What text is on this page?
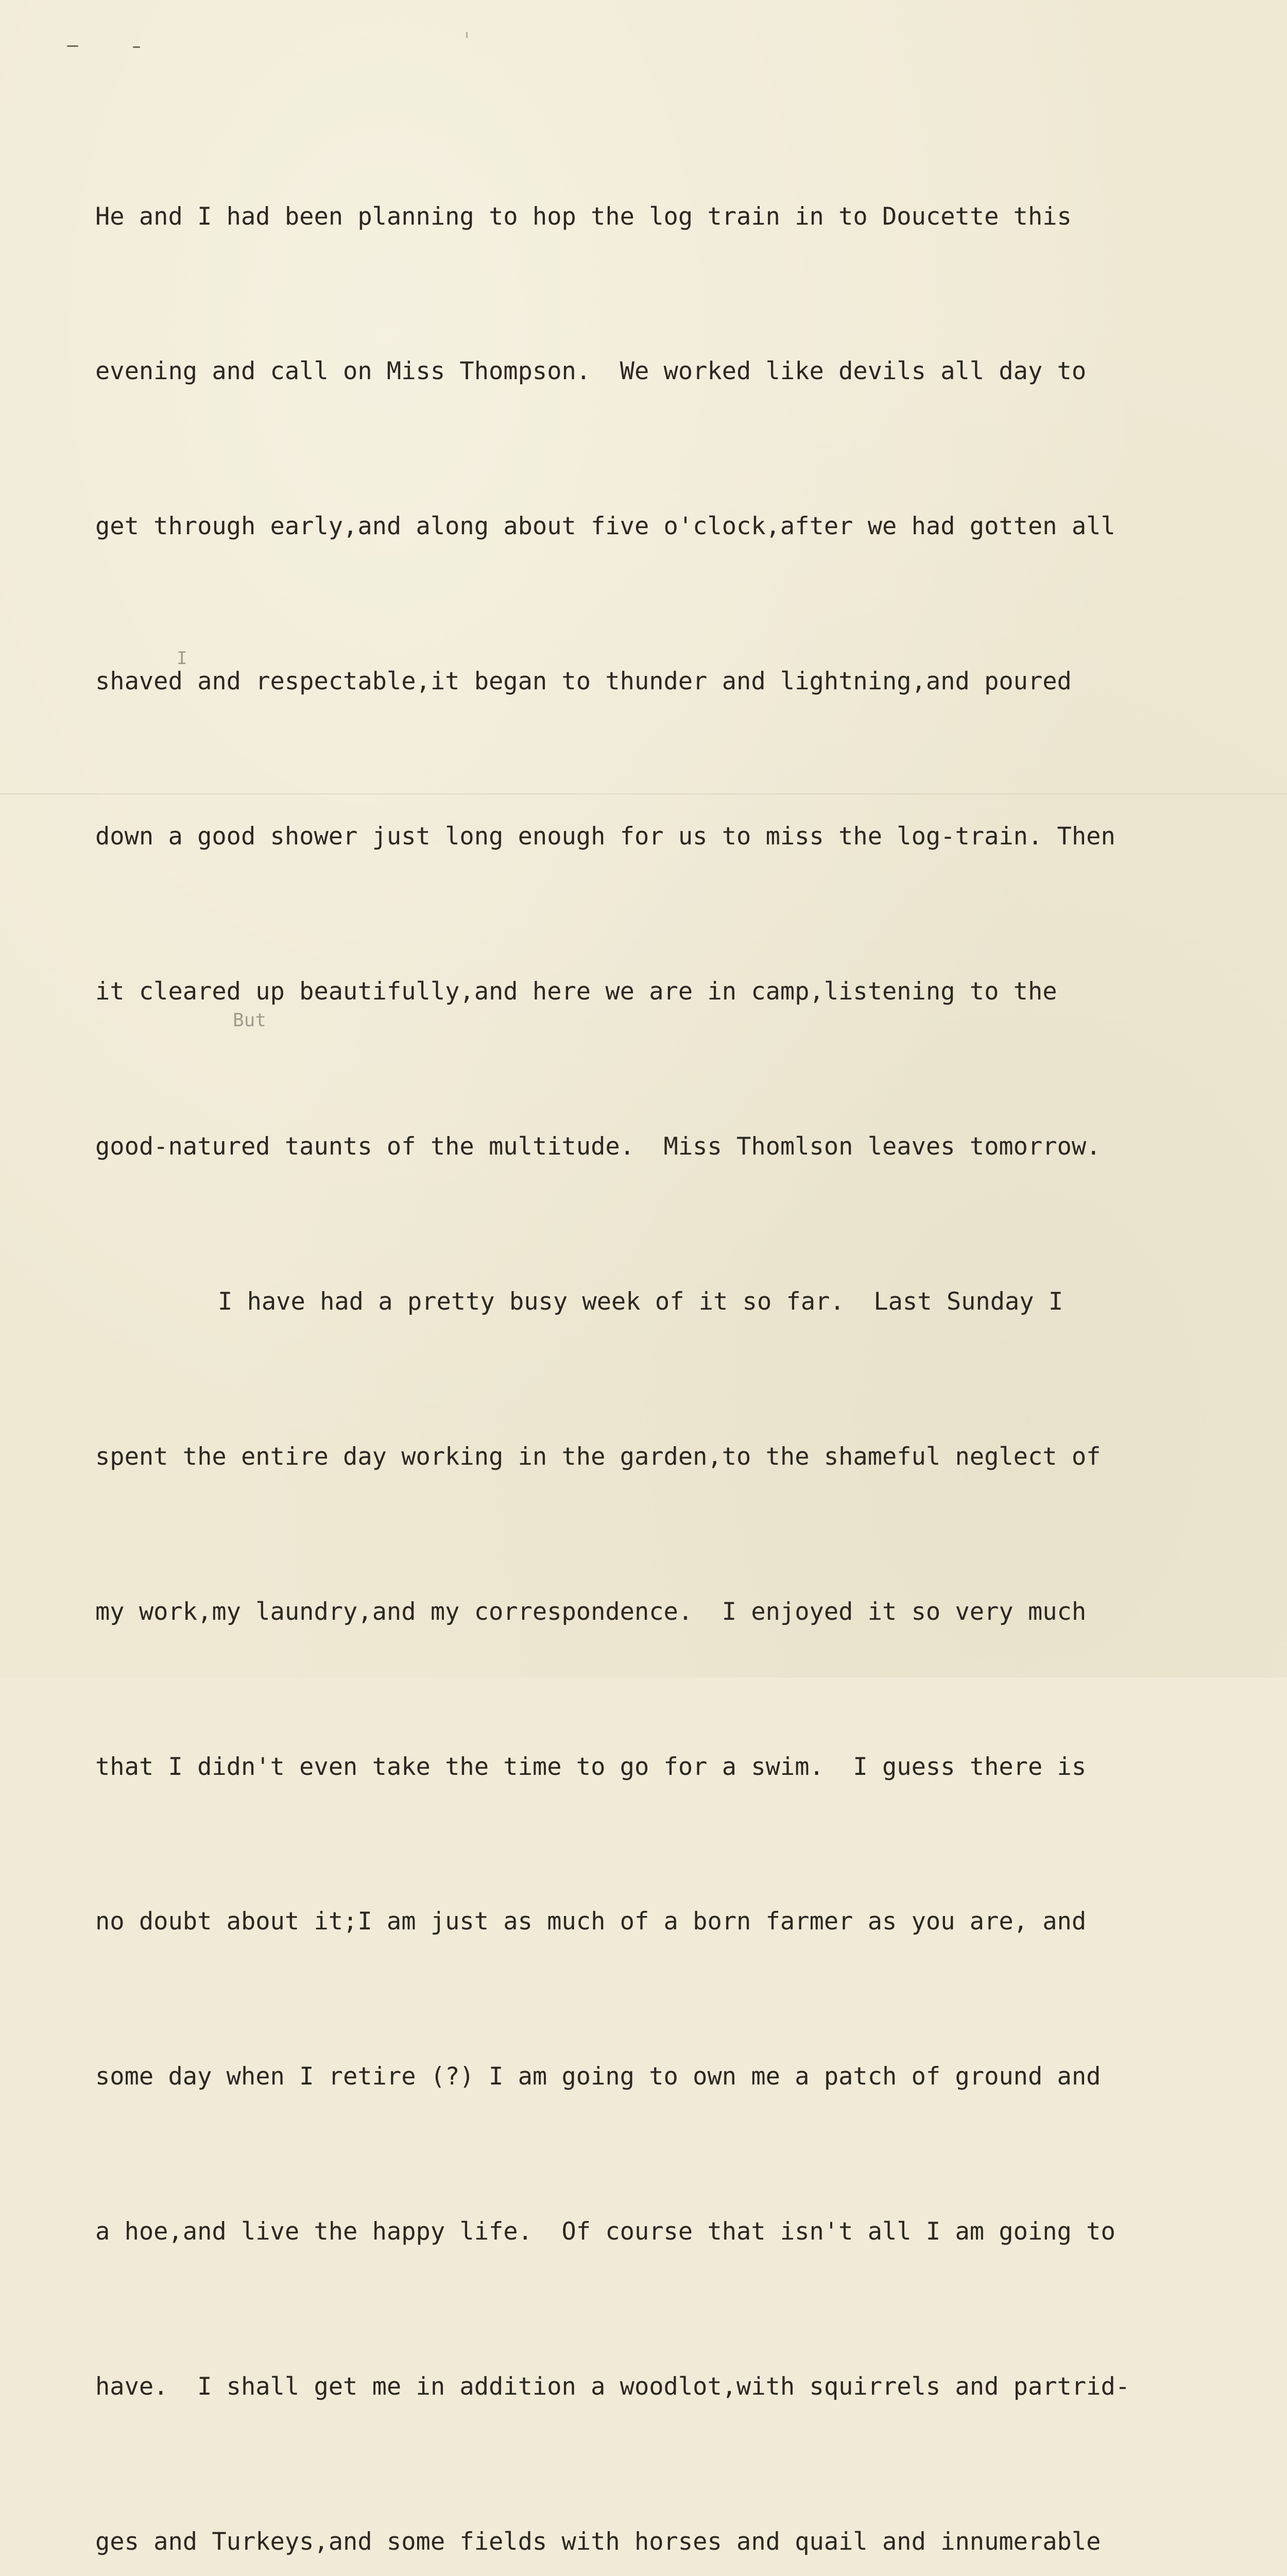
He and I had been planning to hop the log train in to Doucette this

evening and call on Miss Thompson.  We worked like devils all day to

get through early,and along about five o'clock,after we had gotten all

shaved and respectable,it began to thunder and lightning,and poured

down a good shower just long enough for us to miss the log-train. Then

it cleared up beautifully,and here we are in camp,listening to the

good-natured taunts of the multitude.  Miss Thomlson leaves tomorrow.

I have had a pretty busy week of it so far.  Last Sunday I

spent the entire day working in the garden,to the shameful neglect of

my work,my laundry,and my correspondence.  I enjoyed it so very much

that I didn't even take the time to go for a swim.  I guess there is

no doubt about it;I am just as much of a born farmer as you are, and

some day when I retire (?) I am going to own me a patch of ground and

a hoe,and live the happy life.  Of course that isn't all I am going to

have.  I shall get me in addition a woodlot,with squirrels and partrid-

ges and Turkeys,and some fields with horses and quail and innumerable

I
But
